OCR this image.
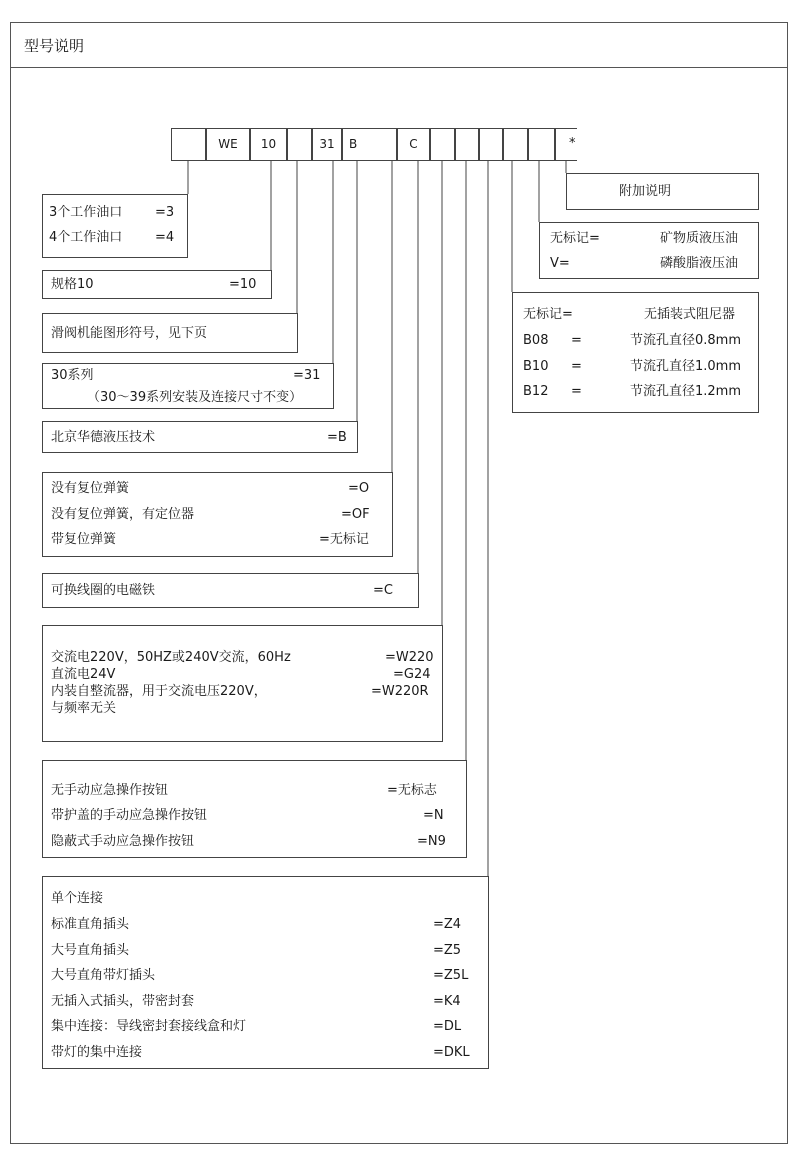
型号说明
WE	10	31	B	C	*
3个工作油口	=3
4个工作油口	=4
规格10	=10
滑阀机能图形符号，见下页
30系列	=31
（30～39系列安装及连接尺寸不变）
北京华德液压技术	=B
没有复位弹簧	=O
没有复位弹簧，有定位器	=OF
带复位弹簧	=无标记
可换线圈的电磁铁	=C
交流电220V，50HZ或240V交流，60Hz	=W220
直流电24V	=G24
内装自整流器，用于交流电压220V，	=W220R
与频率无关
无手动应急操作按钮	=无标志
带护盖的手动应急操作按钮	=N
隐蔽式手动应急操作按钮	=N9
单个连接
标准直角插头	=Z4
大号直角插头	=Z5
大号直角带灯插头	=Z5L
无插入式插头，带密封套	=K4
集中连接：导线密封套接线盒和灯	=DL
带灯的集中连接	=DKL
附加说明
无标记=	矿物质液压油
V=	磷酸脂液压油
无标记=	无插装式阻尼器
B08 =	节流孔直径0.8mm
B10 =	节流孔直径1.0mm
B12 =	节流孔直径1.2mm
